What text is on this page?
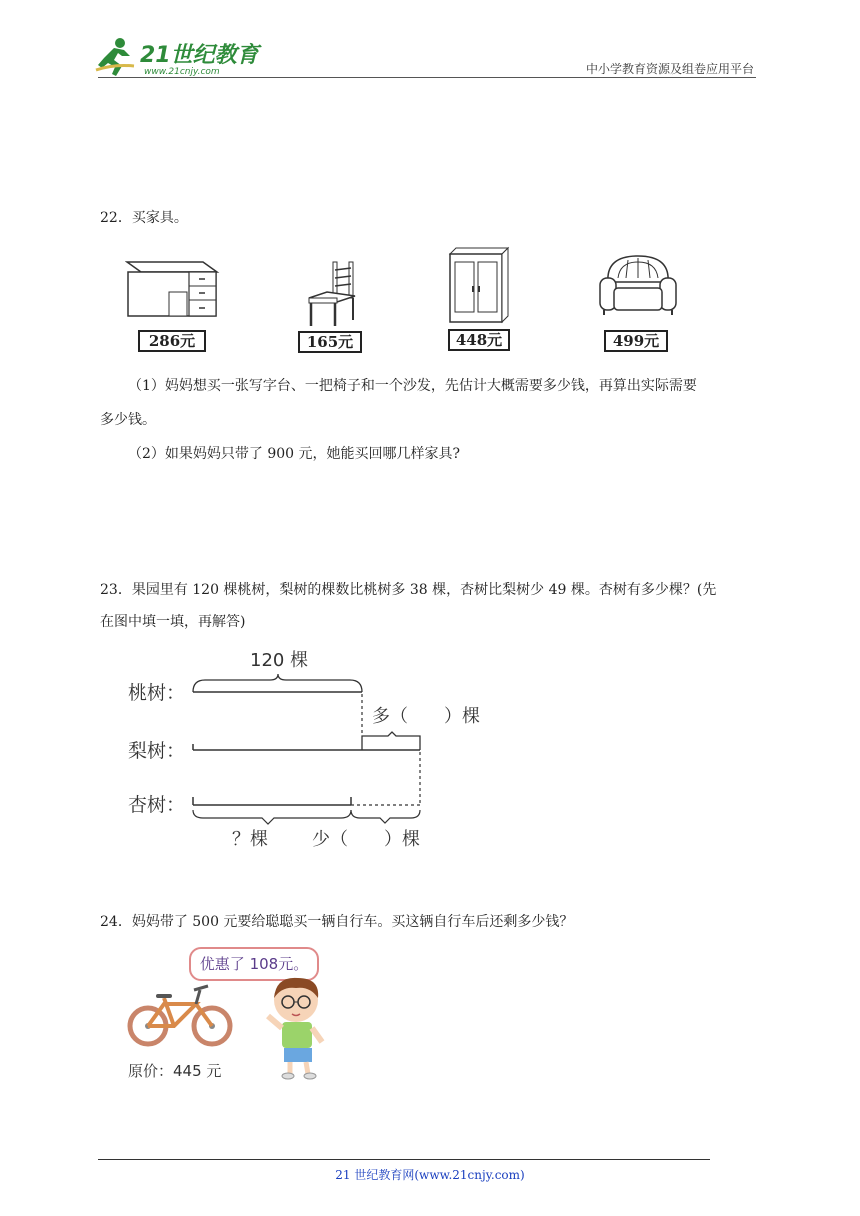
21世纪教育
www.21cnjy.com	中小学教育资源及组卷应用平台
22．买家具。
286元	165元	448元	499元
（1）妈妈想买一张写字台、一把椅子和一个沙发，先估计大概需要多少钱，再算出实际需要
多少钱。
（2）如果妈妈只带了 900 元，她能买回哪几样家具?
23．果园里有 120 棵桃树，梨树的棵数比桃树多 38 棵，杏树比梨树少 49 棵。杏树有多少棵？(先
在图中填一填，再解答)
120 棵
桃树：
梨树：
杏树：
多（　　）棵
？棵 少（　　）棵
24．妈妈带了 500 元要给聪聪买一辆自行车。买这辆自行车后还剩多少钱？
优惠了 108元。
原价：445 元
21 世纪教育网(www.21cnjy.com)
